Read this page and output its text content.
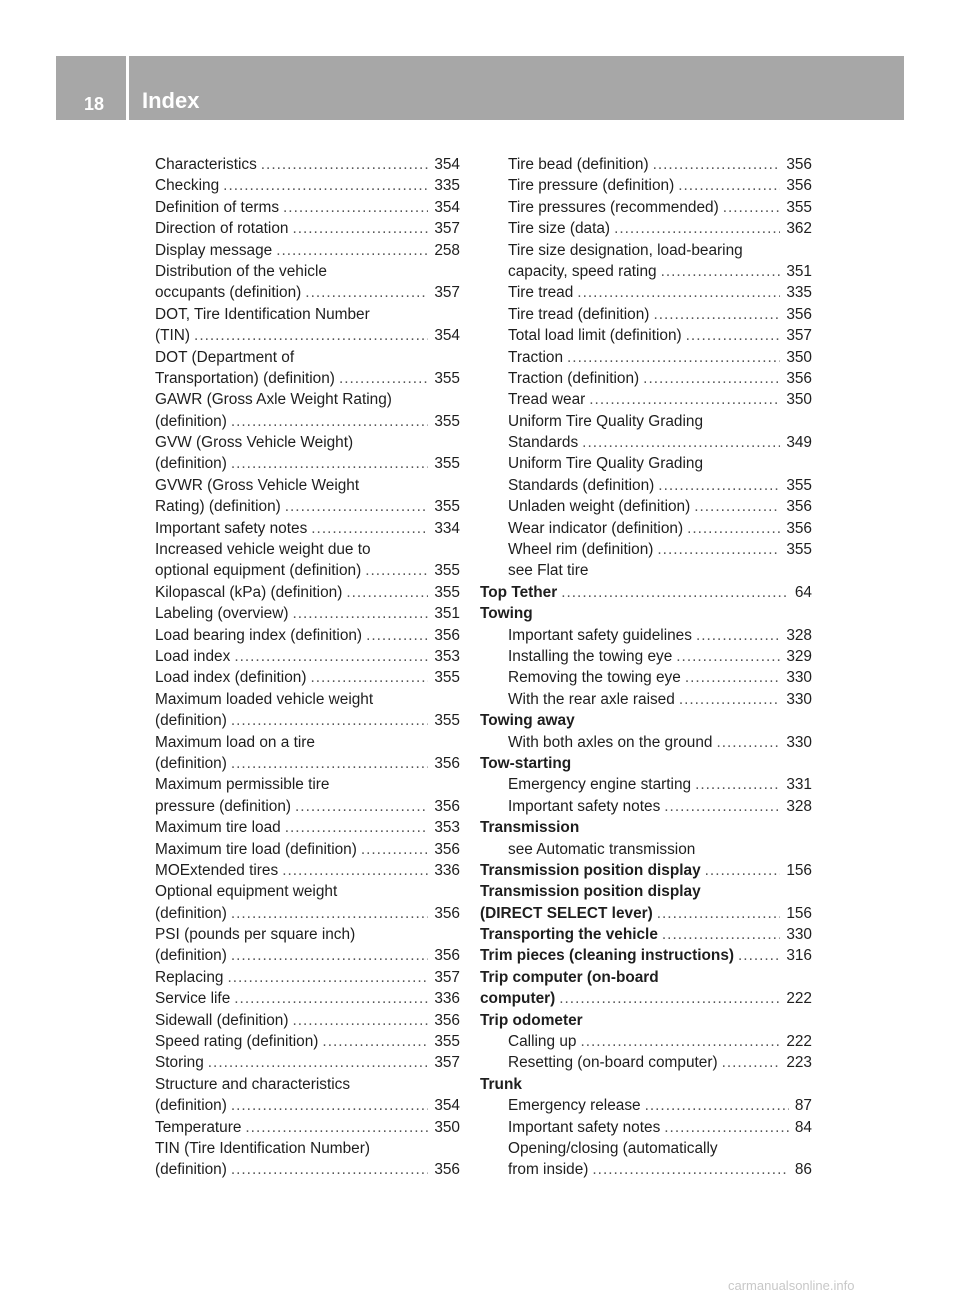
18 Index
Characteristics .....	354
Checking .....	335
Definition of terms .....	354
Direction of rotation .....	357
Display message .....	258
Distribution of the vehicle
occupants (definition) .....	357
DOT, Tire Identification Number
(TIN) .....	354
DOT (Department of
Transportation) (definition) .....	355
GAWR (Gross Axle Weight Rating)
(definition) .....	355
GVW (Gross Vehicle Weight)
(definition) .....	355
GVWR (Gross Vehicle Weight
Rating) (definition) .....	355
Important safety notes .....	334
Increased vehicle weight due to
optional equipment (definition) .....	355
Kilopascal (kPa) (definition) .....	355
Labeling (overview) .....	351
Load bearing index (definition) .....	356
Load index .....	353
Load index (definition) .....	355
Maximum loaded vehicle weight
(definition) .....	355
Maximum load on a tire
(definition) .....	356
Maximum permissible tire
pressure (definition) .....	356
Maximum tire load .....	353
Maximum tire load (definition) .....	356
MOExtended tires .....	336
Optional equipment weight
(definition) .....	356
PSI (pounds per square inch)
(definition) .....	356
Replacing .....	357
Service life .....	336
Sidewall (definition) .....	356
Speed rating (definition) .....	355
Storing .....	357
Structure and characteristics
(definition) .....	354
Temperature .....	350
TIN (Tire Identification Number)
(definition) .....	356
Tire bead (definition) .....	356
Tire pressure (definition) .....	356
Tire pressures (recommended) .....	355
Tire size (data) .....	362
Tire size designation, load-bearing
capacity, speed rating .....	351
Tire tread .....	335
Tire tread (definition) .....	356
Total load limit (definition) .....	357
Traction .....	350
Traction (definition) .....	356
Tread wear .....	350
Uniform Tire Quality Grading
Standards .....	349
Uniform Tire Quality Grading
Standards (definition) .....	355
Unladen weight (definition) .....	356
Wear indicator (definition) .....	356
Wheel rim (definition) .....	355
see Flat tire
Top Tether .....	64
Towing
Important safety guidelines .....	328
Installing the towing eye .....	329
Removing the towing eye .....	330
With the rear axle raised .....	330
Towing away
With both axles on the ground .....	330
Tow-starting
Emergency engine starting .....	331
Important safety notes .....	328
Transmission
see Automatic transmission
Transmission position display .....	156
Transmission position display
(DIRECT SELECT lever) .....	156
Transporting the vehicle .....	330
Trim pieces (cleaning instructions) .....	316
Trip computer (on-board
computer) .....	222
Trip odometer
Calling up .....	222
Resetting (on-board computer) .....	223
Trunk
Emergency release .....	87
Important safety notes .....	84
Opening/closing (automatically
from inside) .....	86
carmanualsonline.info
